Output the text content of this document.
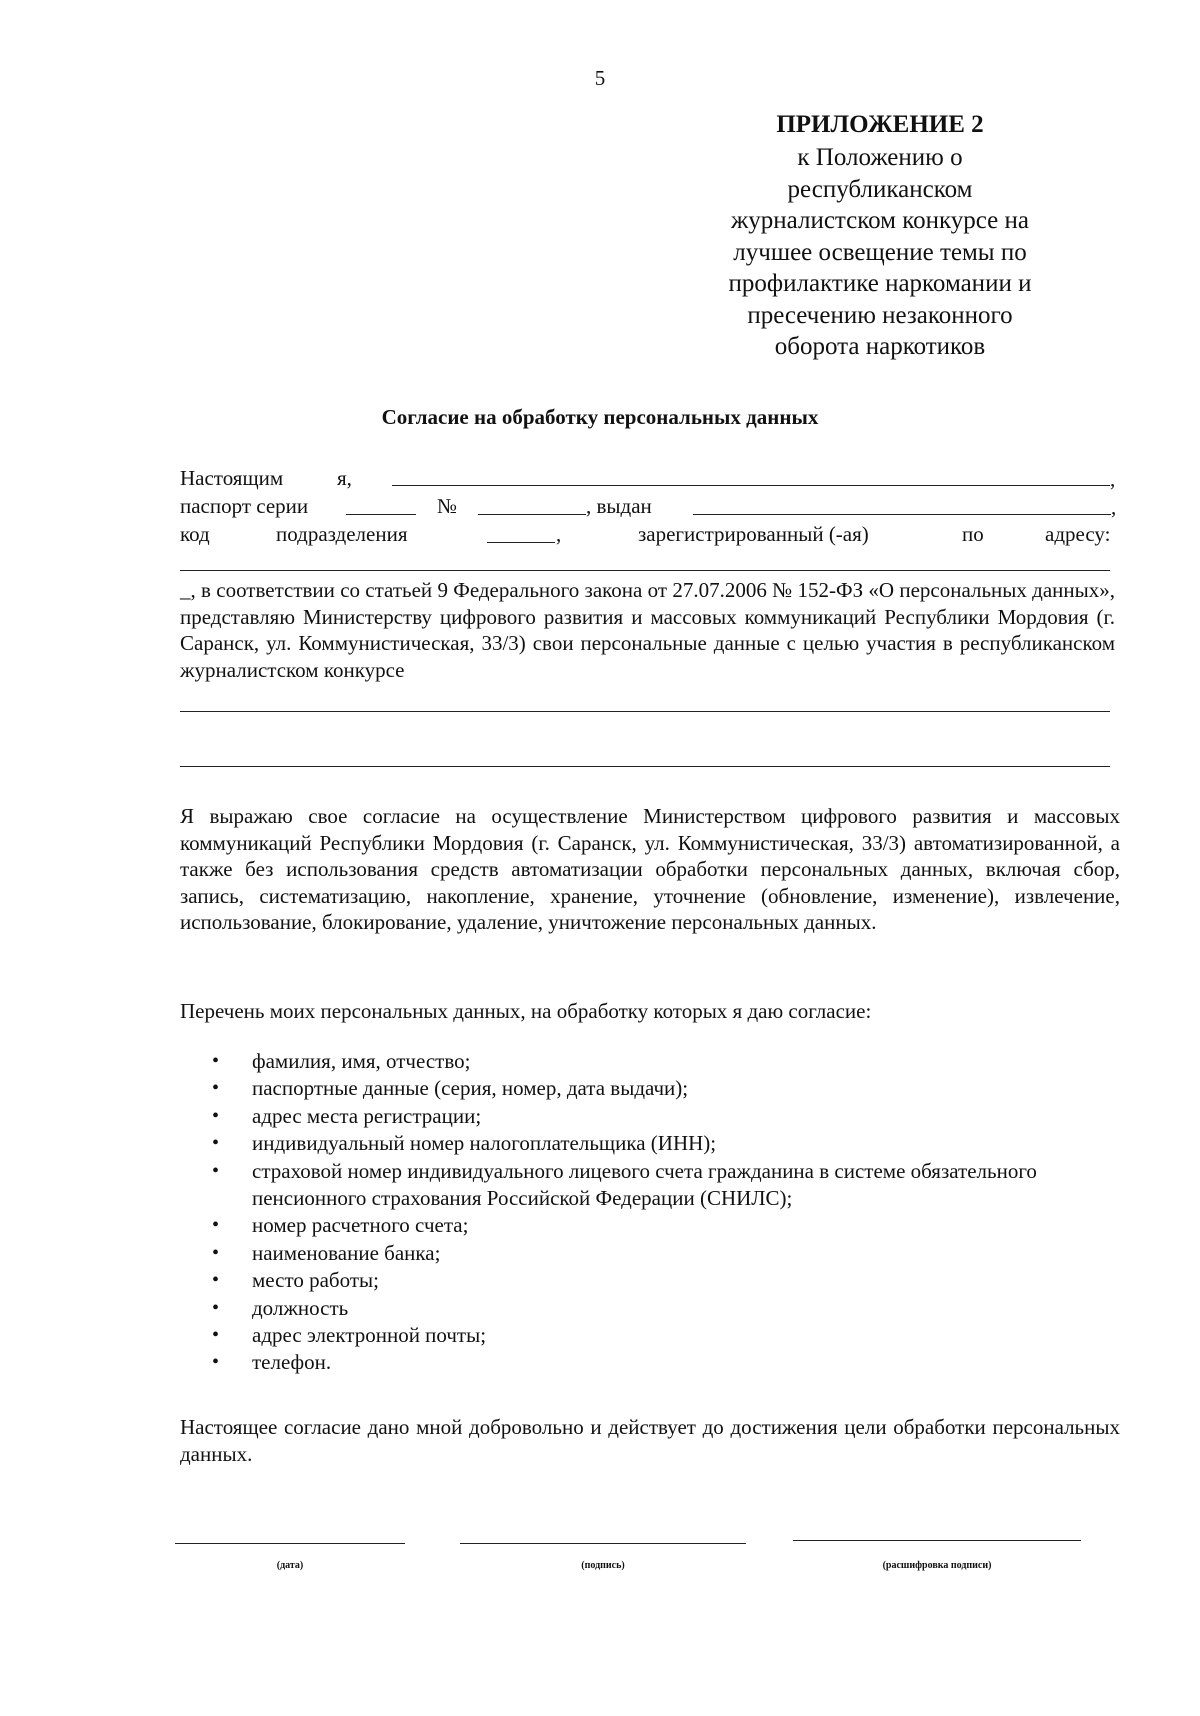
5
ПРИЛОЖЕНИЕ 2
к Положению о
республиканском
журналистском конкурсе на
лучшее освещение темы по
профилактике наркомании и
пресечению незаконного
оборота наркотиков
Согласие на обработку персональных данных
Настоящим	я,	,
паспорт серии	№	, выдан	,
код	подразделения	,	зарегистрированный (-ая)	по	адресу:
_, в соответствии со статьей 9 Федерального закона от 27.07.2006 № 152-ФЗ «О персональных данных», представляю Министерству цифрового развития и массовых коммуникаций Республики Мордовия (г. Саранск, ул. Коммунистическая, 33/3) свои персональные данные с целью участия в республиканском журналистском конкурсе
Я выражаю свое согласие на осуществление Министерством цифрового развития и массовых коммуникаций Республики Мордовия (г. Саранск, ул. Коммунистическая, 33/3) автоматизированной, а также без использования средств автоматизации обработки персональных данных, включая сбор, запись, систематизацию, накопление, хранение, уточнение (обновление, изменение), извлечение, использование, блокирование, удаление, уничтожение персональных данных.
Перечень моих персональных данных, на обработку которых я даю согласие:
• фамилия, имя, отчество;
• паспортные данные (серия, номер, дата выдачи);
• адрес места регистрации;
• индивидуальный номер налогоплательщика (ИНН);
• страховой номер индивидуального лицевого счета гражданина в системе обязательного пенсионного страхования Российской Федерации (СНИЛС);
• номер расчетного счета;
• наименование банка;
• место работы;
• должность
• адрес электронной почты;
• телефон.
Настоящее согласие дано мной добровольно и действует до достижения цели обработки персональных данных.
(дата)	(подпись)	(расшифровка подписи)
